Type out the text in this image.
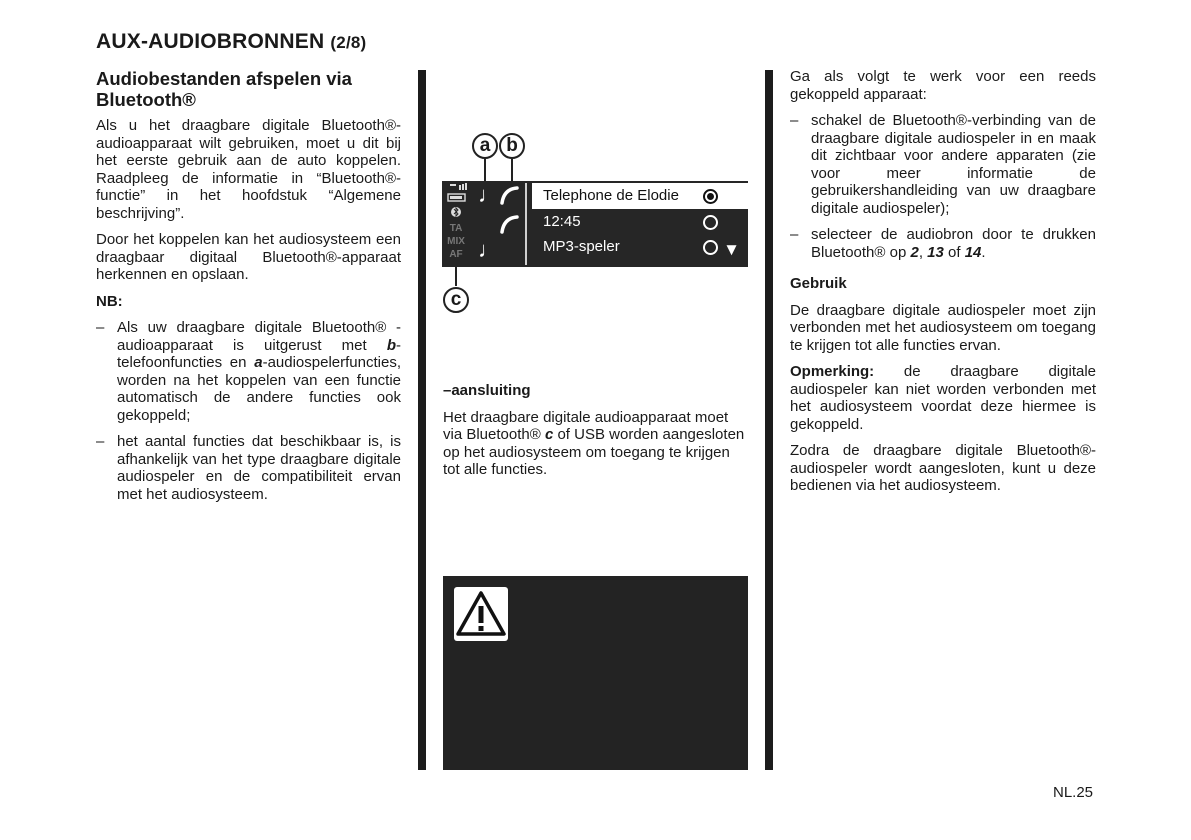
AUX-AUDIOBRONNEN (2/8)
Audiobestanden afspelen via Bluetooth®

Als u het draagbare digitale Bluetooth®-audioapparaat wilt gebruiken, moet u dit bij het eerste gebruik aan de auto koppelen. Raadpleeg de informatie in “Bluetooth®-functie” in het hoofdstuk “Algemene beschrijving”.

Door het koppelen kan het audiosysteem een draagbaar digitaal Bluetooth®-apparaat herkennen en opslaan.

NB:

– Als uw draagbare digitale Bluetooth® -audioapparaat is uitgerust met b-telefoonfuncties en a-audiospelerfuncties, worden na het koppelen van een functie automatisch de andere functies ook gekoppeld;
– het aantal functies dat beschikbaar is, is afhankelijk van het type draagbare digitale audiospeler en de compatibiliteit ervan met het audiosysteem.
a b
c
TA
MIX
AF
♩
♩
Telephone de Elodie
12:45
MP3-speler	▼

–aansluiting

Het draagbare digitale audioapparaat moet via Bluetooth® c of USB worden aangesloten op het audiosysteem om toegang te krijgen tot alle functies.

Ga als volgt te werk voor een reeds gekoppeld apparaat:

– schakel de Bluetooth®-verbinding van de draagbare digitale audiospeler in en maak dit zichtbaar voor andere apparaten (zie voor meer informatie de gebruikershandleiding van uw draagbare digitale audiospeler);
– selecteer de audiobron door te drukken Bluetooth® op 2, 13 of 14.

Gebruik

De draagbare digitale audiospeler moet zijn verbonden met het audiosysteem om toegang te krijgen tot alle functies ervan.

Opmerking: de draagbare digitale audiospeler kan niet worden verbonden met het audiosysteem voordat deze hiermee is gekoppeld.

Zodra de draagbare digitale Bluetooth®-audiospeler wordt aangesloten, kunt u deze bedienen via het audiosysteem.

NL.25
